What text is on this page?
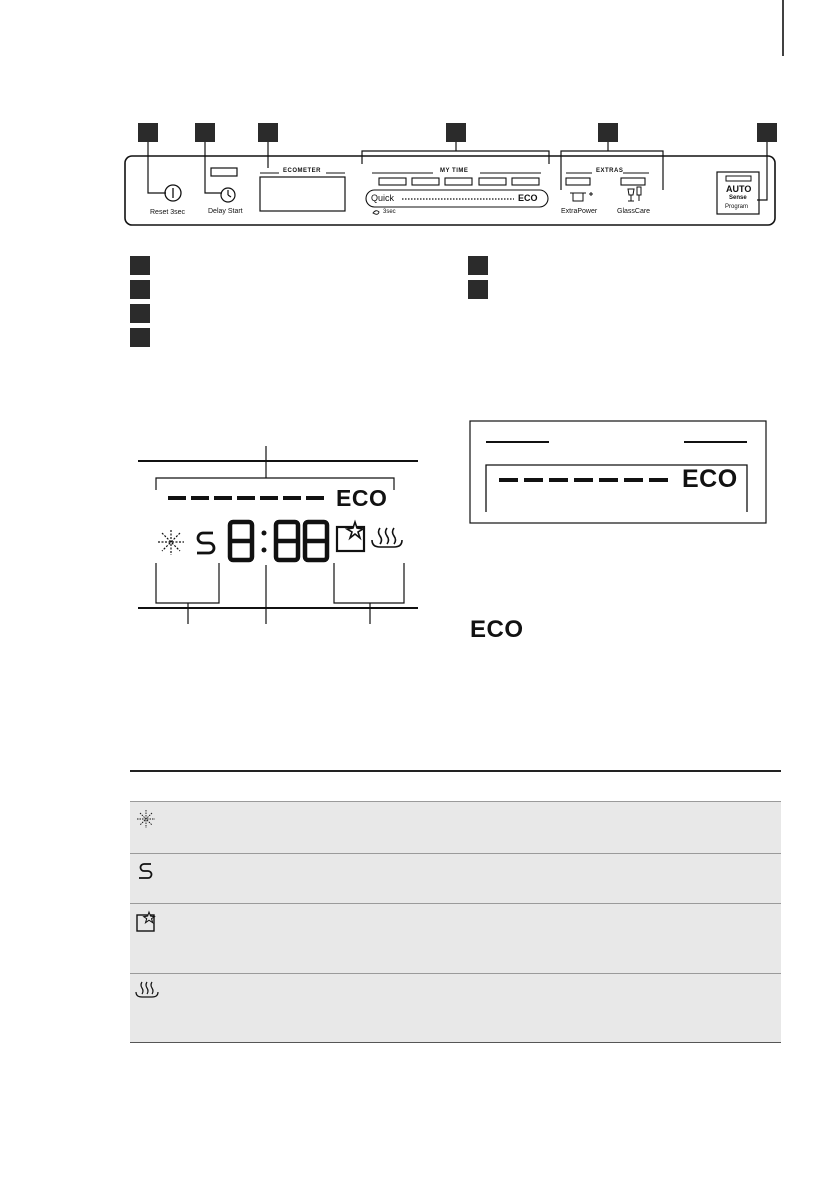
Reset 3sec	Delay Start
ECOMETER	MY TIME
Quick	ECO
3sec
EXTRAS
ExtraPower	GlassCare
AUTO
Sense
Program
ECO
ECO
ECO
